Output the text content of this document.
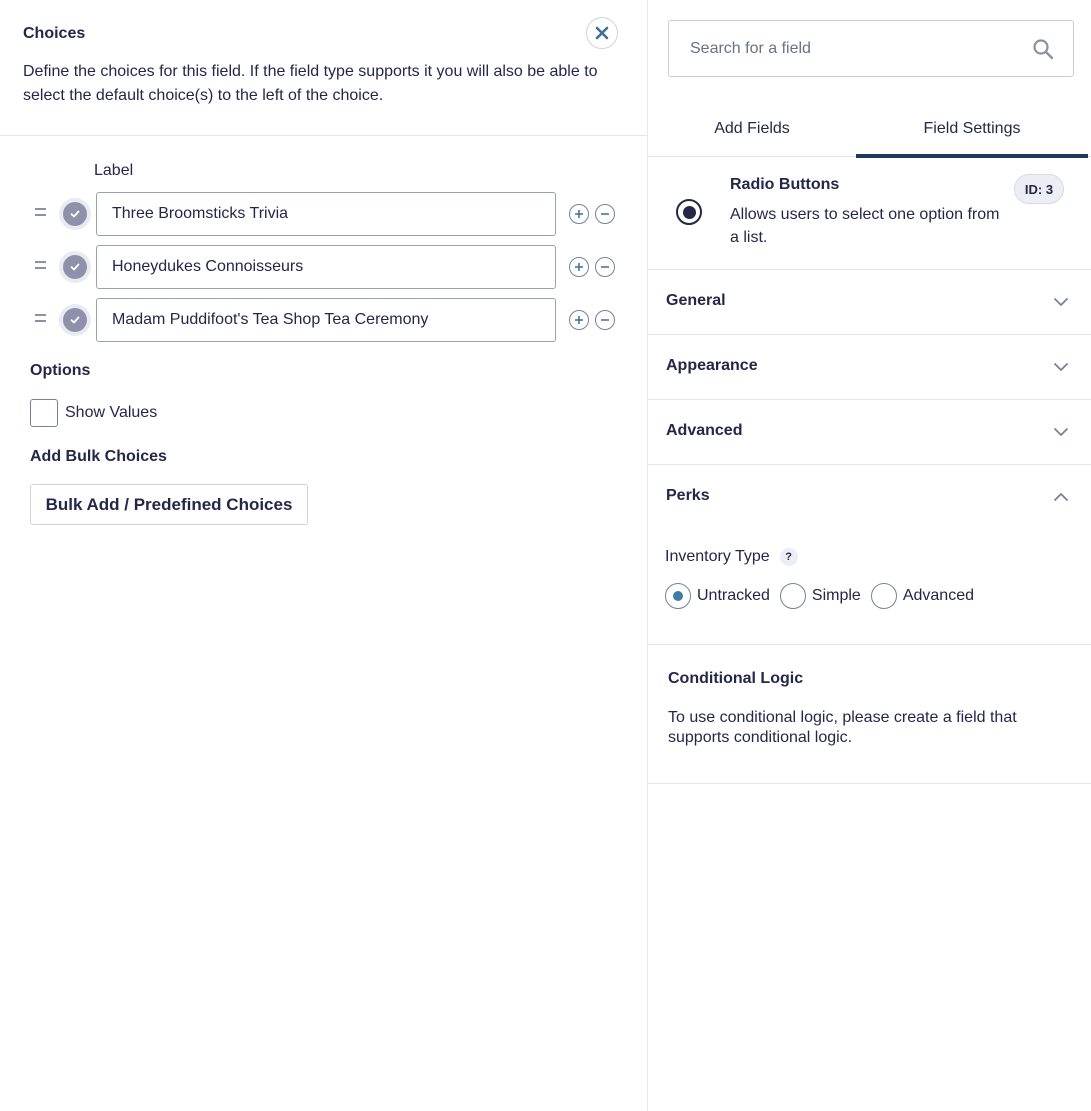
Choices
Define the choices for this field. If the field type supports it you will also be able to select the default choice(s) to the left of the choice.
Label
Three Broomsticks Trivia
Honeydukes Connoisseurs
Madam Puddifoot's Tea Shop Tea Ceremony
Options
Show Values
Add Bulk Choices
Bulk Add / Predefined Choices
Search for a field
Add Fields	Field Settings
Radio Buttons
Allows users to select one option from a list.
ID: 3
General
Appearance
Advanced
Perks
Inventory Type	?
Untracked	Simple	Advanced
Conditional Logic
To use conditional logic, please create a field that supports conditional logic.
